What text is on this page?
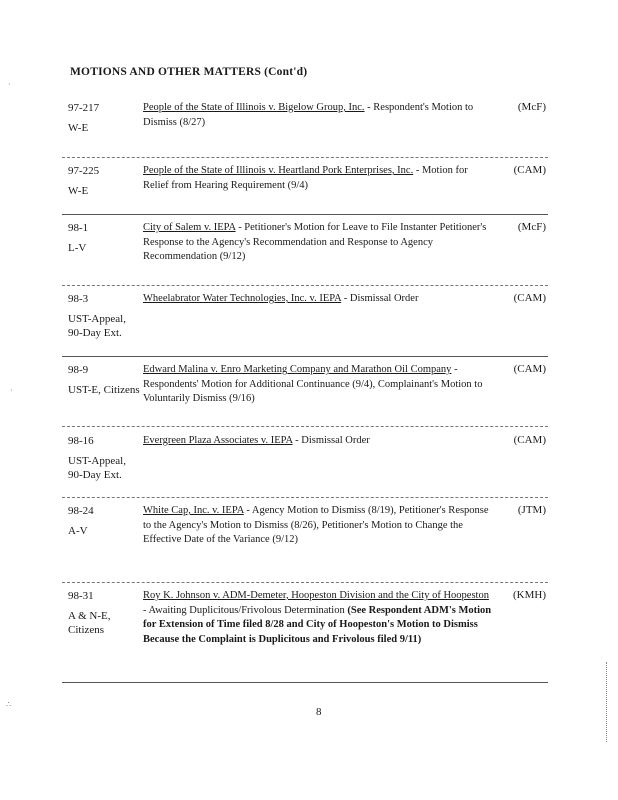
MOTIONS AND OTHER MATTERS (Cont'd)
97-217
W-E
People of the State of Illinois v. Bigelow Group, Inc. - Respondent's Motion to Dismiss (8/27)
(McF)
97-225
W-E
People of the State of Illinois v. Heartland Pork Enterprises, Inc. - Motion for Relief from Hearing Requirement (9/4)
(CAM)
98-1
L-V
City of Salem v. IEPA - Petitioner's Motion for Leave to File Instanter Petitioner's Response to the Agency's Recommendation and Response to Agency Recommendation (9/12)
(McF)
98-3
UST-Appeal, 90-Day Ext.
Wheelabrator Water Technologies, Inc. v. IEPA - Dismissal Order	(CAM)
98-9
UST-E, Citizens
Edward Malina v. Enro Marketing Company and Marathon Oil Company - Respondents' Motion for Additional Continuance (9/4), Complainant's Motion to Voluntarily Dismiss (9/16)
(CAM)
98-16
UST-Appeal, 90-Day Ext.
Evergreen Plaza Associates v. IEPA - Dismissal Order	(CAM)
98-24
A-V
White Cap, Inc. v. IEPA - Agency Motion to Dismiss (8/19), Petitioner's Response to the Agency's Motion to Dismiss (8/26), Petitioner's Motion to Change the Effective Date of the Variance (9/12)
(JTM)
98-31
A & N-E, Citizens
Roy K. Johnson v. ADM-Demeter, Hoopeston Division and the City of Hoopeston - Awaiting Duplicitous/Frivolous Determination (See Respondent ADM's Motion for Extension of Time filed 8/28 and City of Hoopeston's Motion to Dismiss Because the Complaint is Duplicitous and Frivolous filed 9/11)
(KMH)
8
·
·
∴
